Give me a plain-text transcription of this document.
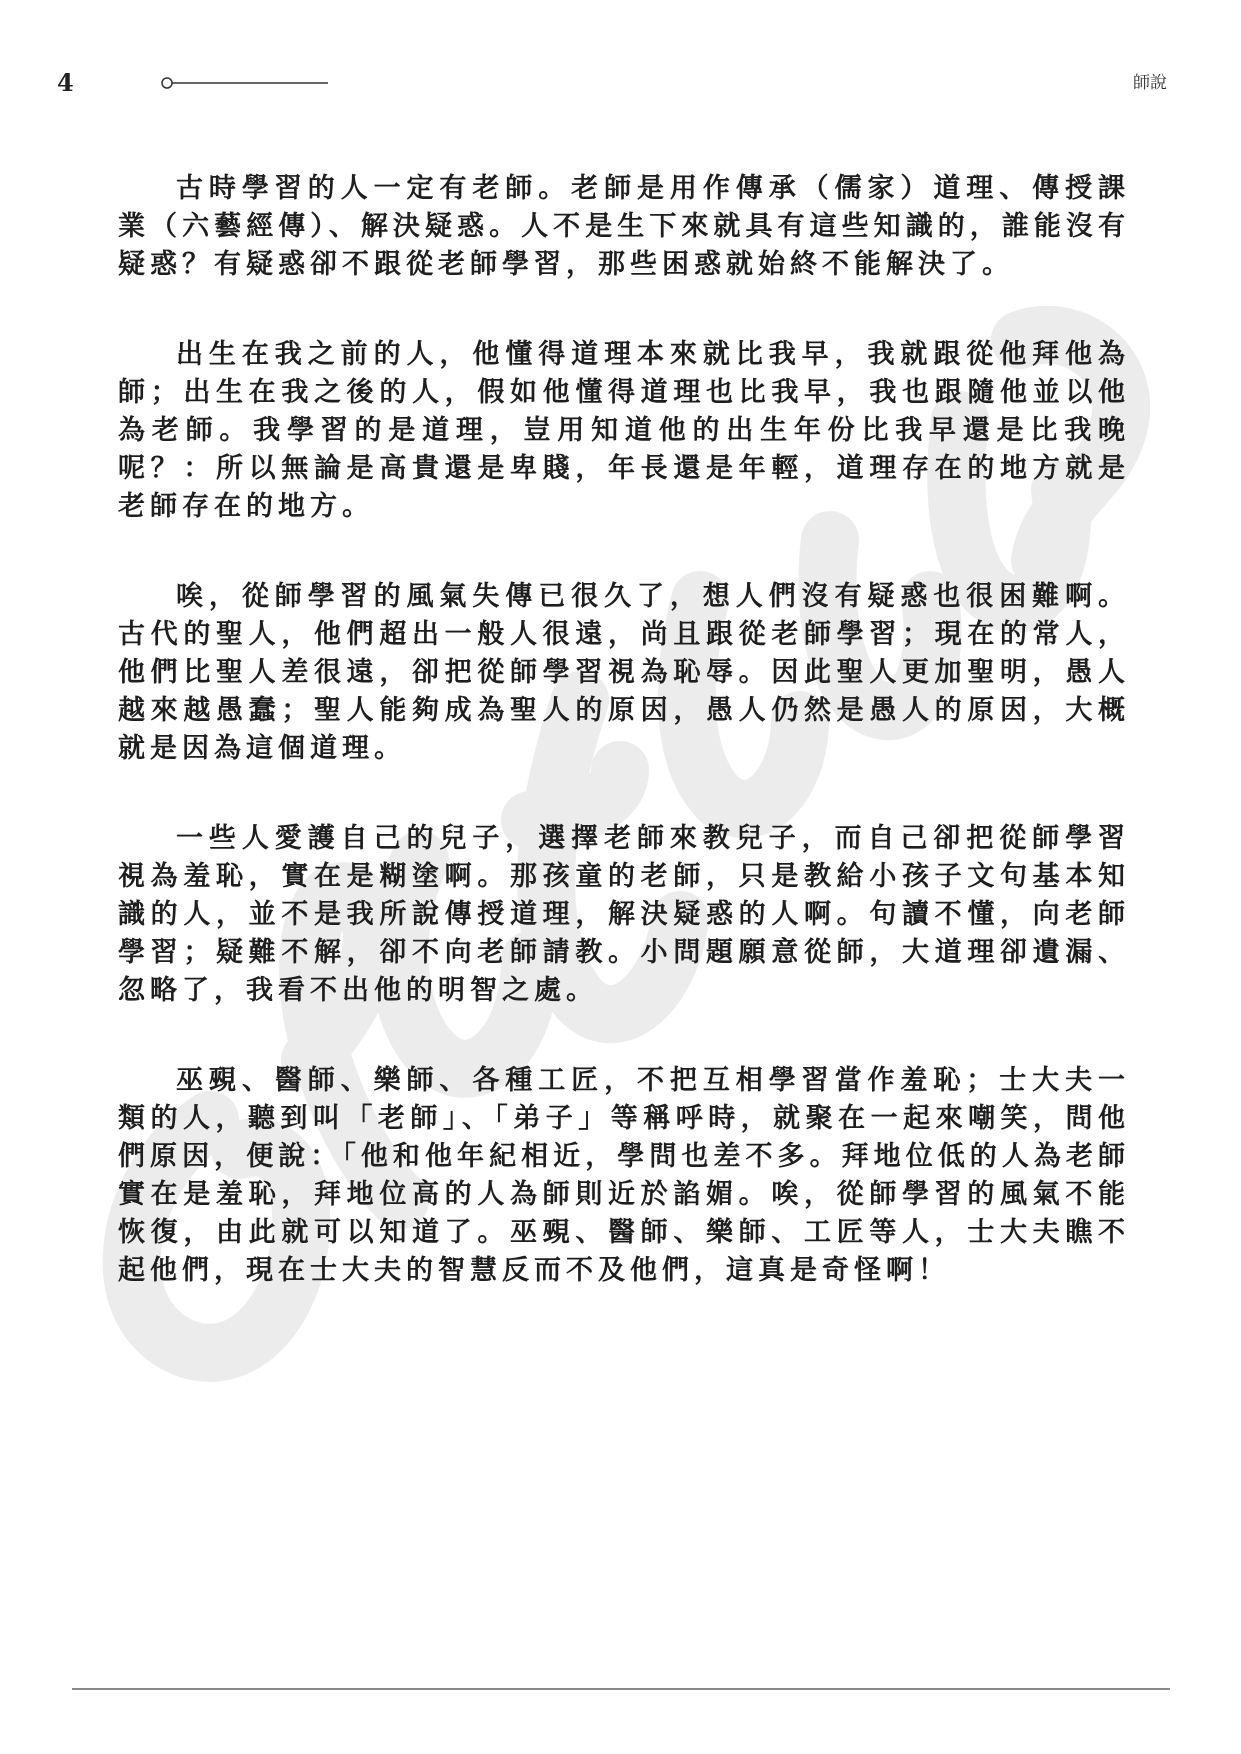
4	師說

古時學習的人一定有老師。老師是用作傳承（儒家）道理、傳授課業（六藝經傳）、解決疑惑。人不是生下來就具有這些知識的，誰能沒有疑惑？有疑惑卻不跟從老師學習，那些困惑就始終不能解決了。

出生在我之前的人，他懂得道理本來就比我早，我就跟從他拜他為師；出生在我之後的人，假如他懂得道理也比我早，我也跟隨他並以他為老師。我學習的是道理，豈用知道他的出生年份比我早還是比我晚呢？：所以無論是高貴還是卑賤，年長還是年輕，道理存在的地方就是老師存在的地方。

唉，從師學習的風氣失傳已很久了，想人們沒有疑惑也很困難啊。古代的聖人，他們超出一般人很遠，尚且跟從老師學習；現在的常人，他們比聖人差很遠，卻把從師學習視為恥辱。因此聖人更加聖明，愚人越來越愚蠢；聖人能夠成為聖人的原因，愚人仍然是愚人的原因，大概就是因為這個道理。

一些人愛護自己的兒子，選擇老師來教兒子，而自己卻把從師學習視為羞恥，實在是糊塗啊。那孩童的老師，只是教給小孩子文句基本知識的人，並不是我所說傳授道理，解決疑惑的人啊。句讀不懂，向老師學習；疑難不解，卻不向老師請教。小問題願意從師，大道理卻遺漏、忽略了，我看不出他的明智之處。

巫覡、醫師、樂師、各種工匠，不把互相學習當作羞恥；士大夫一類的人，聽到叫「老師」、「弟子」等稱呼時，就聚在一起來嘲笑，問他們原因，便說：「他和他年紀相近，學問也差不多。拜地位低的人為老師實在是羞恥，拜地位高的人為師則近於諂媚。唉，從師學習的風氣不能恢復，由此就可以知道了。巫覡、醫師、樂師、工匠等人，士大夫瞧不起他們，現在士大夫的智慧反而不及他們，這真是奇怪啊！
